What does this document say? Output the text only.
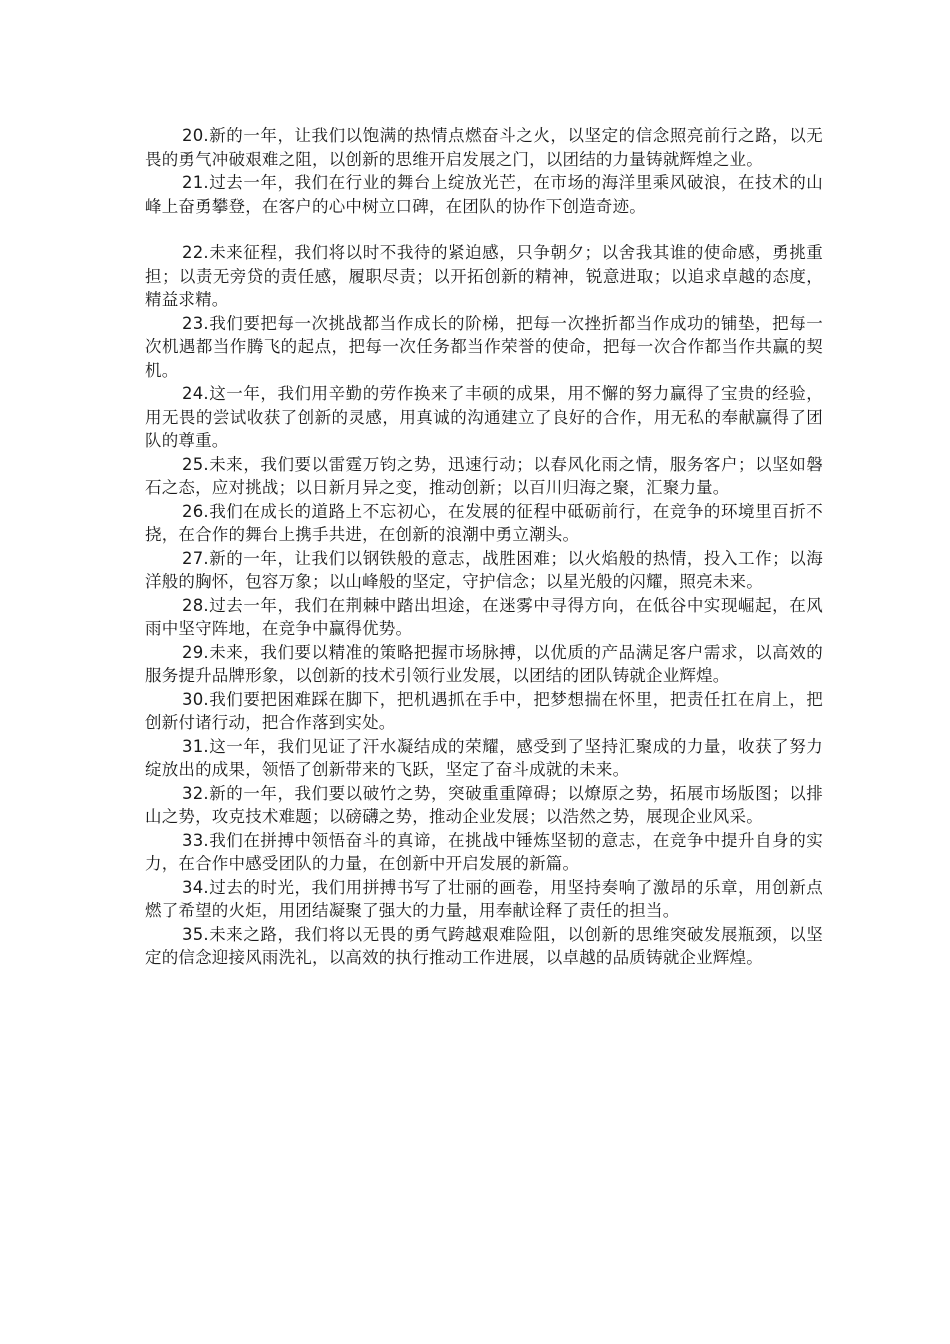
20.新的一年，让我们以饱满的热情点燃奋斗之火，以坚定的信念照亮前行之路，以无畏的勇气冲破艰难之阻，以创新的思维开启发展之门，以团结的力量铸就辉煌之业。

21.过去一年，我们在行业的舞台上绽放光芒，在市场的海洋里乘风破浪，在技术的山峰上奋勇攀登，在客户的心中树立口碑，在团队的协作下创造奇迹。

22.未来征程，我们将以时不我待的紧迫感，只争朝夕；以舍我其谁的使命感，勇挑重担；以责无旁贷的责任感，履职尽责；以开拓创新的精神，锐意进取；以追求卓越的态度，精益求精。

23.我们要把每一次挑战都当作成长的阶梯，把每一次挫折都当作成功的铺垫，把每一次机遇都当作腾飞的起点，把每一次任务都当作荣誉的使命，把每一次合作都当作共赢的契机。

24.这一年，我们用辛勤的劳作换来了丰硕的成果，用不懈的努力赢得了宝贵的经验，用无畏的尝试收获了创新的灵感，用真诚的沟通建立了良好的合作，用无私的奉献赢得了团队的尊重。

25.未来，我们要以雷霆万钧之势，迅速行动；以春风化雨之情，服务客户；以坚如磐石之态，应对挑战；以日新月异之变，推动创新；以百川归海之聚，汇聚力量。

26.我们在成长的道路上不忘初心，在发展的征程中砥砺前行，在竞争的环境里百折不挠，在合作的舞台上携手共进，在创新的浪潮中勇立潮头。

27.新的一年，让我们以钢铁般的意志，战胜困难；以火焰般的热情，投入工作；以海洋般的胸怀，包容万象；以山峰般的坚定，守护信念；以星光般的闪耀，照亮未来。

28.过去一年，我们在荆棘中踏出坦途，在迷雾中寻得方向，在低谷中实现崛起，在风雨中坚守阵地，在竞争中赢得优势。

29.未来，我们要以精准的策略把握市场脉搏，以优质的产品满足客户需求，以高效的服务提升品牌形象，以创新的技术引领行业发展，以团结的团队铸就企业辉煌。

30.我们要把困难踩在脚下，把机遇抓在手中，把梦想揣在怀里，把责任扛在肩上，把创新付诸行动，把合作落到实处。

31.这一年，我们见证了汗水凝结成的荣耀，感受到了坚持汇聚成的力量，收获了努力绽放出的成果，领悟了创新带来的飞跃，坚定了奋斗成就的未来。

32.新的一年，我们要以破竹之势，突破重重障碍；以燎原之势，拓展市场版图；以排山之势，攻克技术难题；以磅礴之势，推动企业发展；以浩然之势，展现企业风采。

33.我们在拼搏中领悟奋斗的真谛，在挑战中锤炼坚韧的意志，在竞争中提升自身的实力，在合作中感受团队的力量，在创新中开启发展的新篇。

34.过去的时光，我们用拼搏书写了壮丽的画卷，用坚持奏响了激昂的乐章，用创新点燃了希望的火炬，用团结凝聚了强大的力量，用奉献诠释了责任的担当。

35.未来之路，我们将以无畏的勇气跨越艰难险阻，以创新的思维突破发展瓶颈，以坚定的信念迎接风雨洗礼，以高效的执行推动工作进展，以卓越的品质铸就企业辉煌。
